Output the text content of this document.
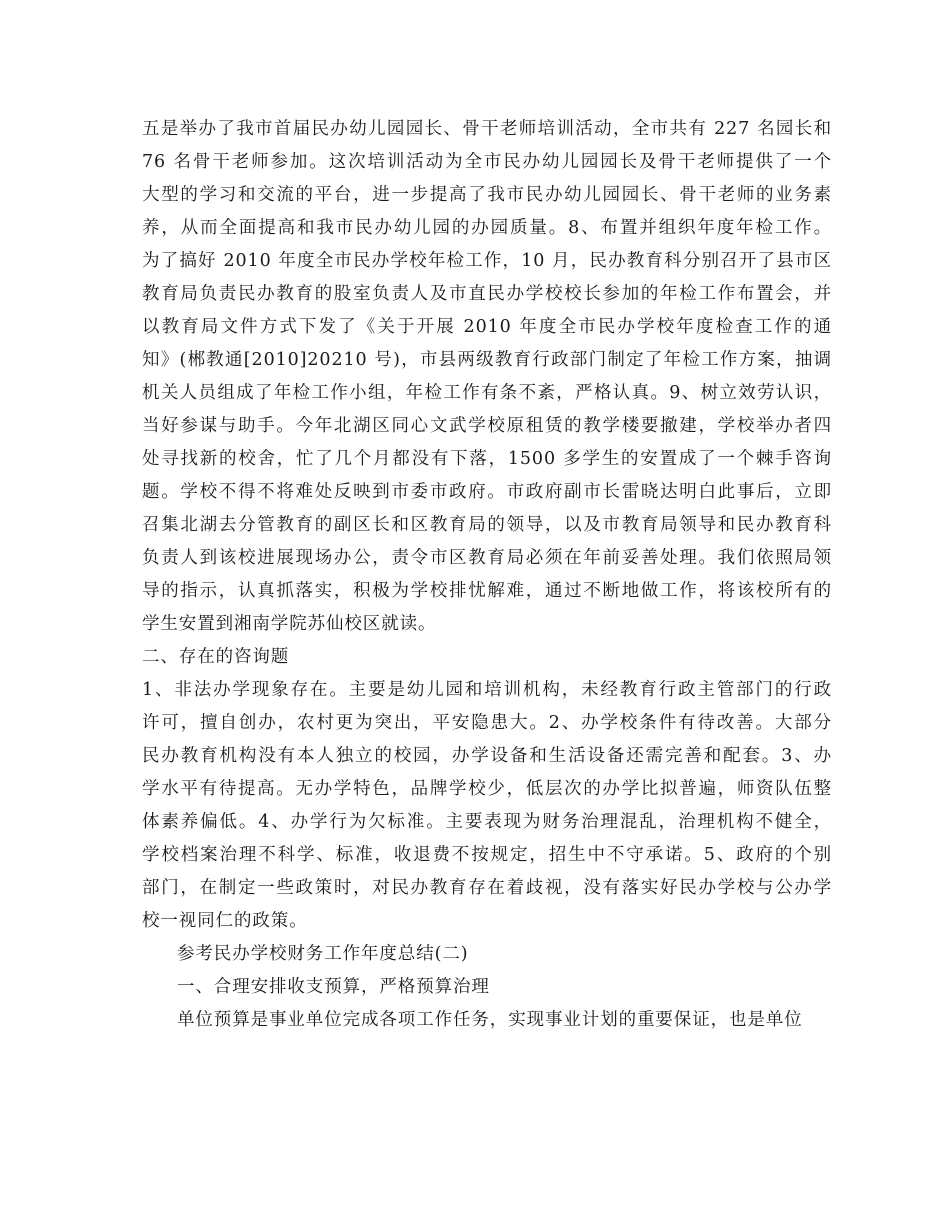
五是举办了我市首届民办幼儿园园长、骨干老师培训活动，全市共有 227 名园长和
76 名骨干老师参加。这次培训活动为全市民办幼儿园园长及骨干老师提供了一个
大型的学习和交流的平台，进一步提高了我市民办幼儿园园长、骨干老师的业务素
养，从而全面提高和我市民办幼儿园的办园质量。8、布置并组织年度年检工作。
为了搞好 2010 年度全市民办学校年检工作，10 月，民办教育科分别召开了县市区
教育局负责民办教育的股室负责人及市直民办学校校长参加的年检工作布置会，并
以教育局文件方式下发了《关于开展 2010 年度全市民办学校年度检查工作的通
知》(郴教通[2010]20210 号)，市县两级教育行政部门制定了年检工作方案，抽调
机关人员组成了年检工作小组，年检工作有条不紊，严格认真。9、树立效劳认识，
当好参谋与助手。今年北湖区同心文武学校原租赁的教学楼要撤建，学校举办者四
处寻找新的校舍，忙了几个月都没有下落，1500 多学生的安置成了一个棘手咨询
题。学校不得不将难处反映到市委市政府。市政府副市长雷晓达明白此事后，立即
召集北湖去分管教育的副区长和区教育局的领导，以及市教育局领导和民办教育科
负责人到该校进展现场办公，责令市区教育局必须在年前妥善处理。我们依照局领
导的指示，认真抓落实，积极为学校排忧解难，通过不断地做工作，将该校所有的
学生安置到湘南学院苏仙校区就读。
二、存在的咨询题
1、非法办学现象存在。主要是幼儿园和培训机构，未经教育行政主管部门的行政
许可，擅自创办，农村更为突出，平安隐患大。2、办学校条件有待改善。大部分
民办教育机构没有本人独立的校园，办学设备和生活设备还需完善和配套。3、办
学水平有待提高。无办学特色，品牌学校少，低层次的办学比拟普遍，师资队伍整
体素养偏低。4、办学行为欠标准。主要表现为财务治理混乱，治理机构不健全，
学校档案治理不科学、标准，收退费不按规定，招生中不守承诺。5、政府的个别
部门，在制定一些政策时，对民办教育存在着歧视，没有落实好民办学校与公办学
校一视同仁的政策。
参考民办学校财务工作年度总结(二)
一、合理安排收支预算，严格预算治理
单位预算是事业单位完成各项工作任务，实现事业计划的重要保证，也是单位
